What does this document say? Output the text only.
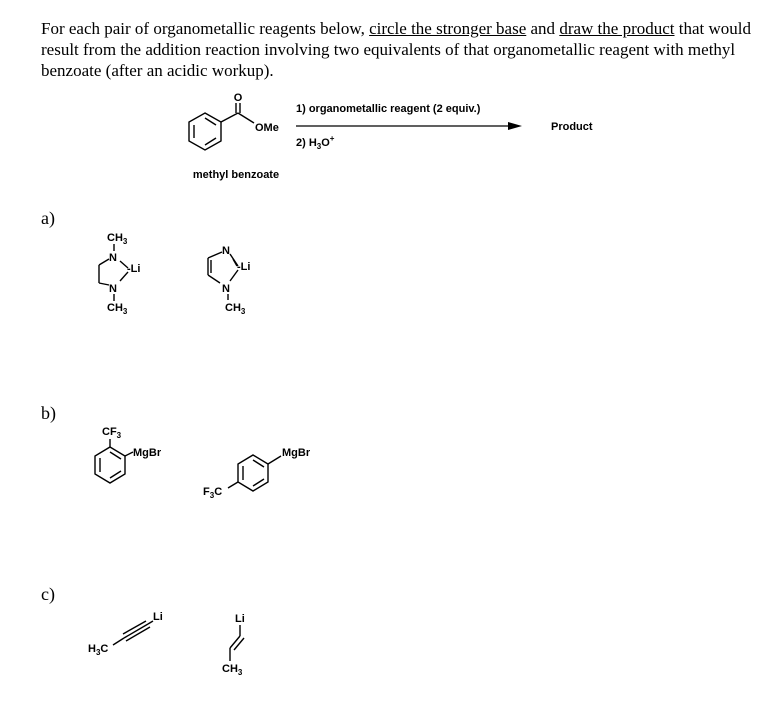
For each pair of organometallic reagents below, circle the stronger base and draw the product that would result from the addition reaction involving two equivalents of that organometallic reagent with methyl benzoate (after an acidic workup).
a)
b)
c)
O
OMe
methyl benzoate
1) organometallic reagent (2 equiv.)
2) $H_3O^+$
Product
$CH_3$
N
-Li
N
$CH_3$
N
-Li
N
$CH_3$
$CF_3$
MgBr	MgBr
$F_3C$
$H_3C$
Li	Li
$CH_3$
